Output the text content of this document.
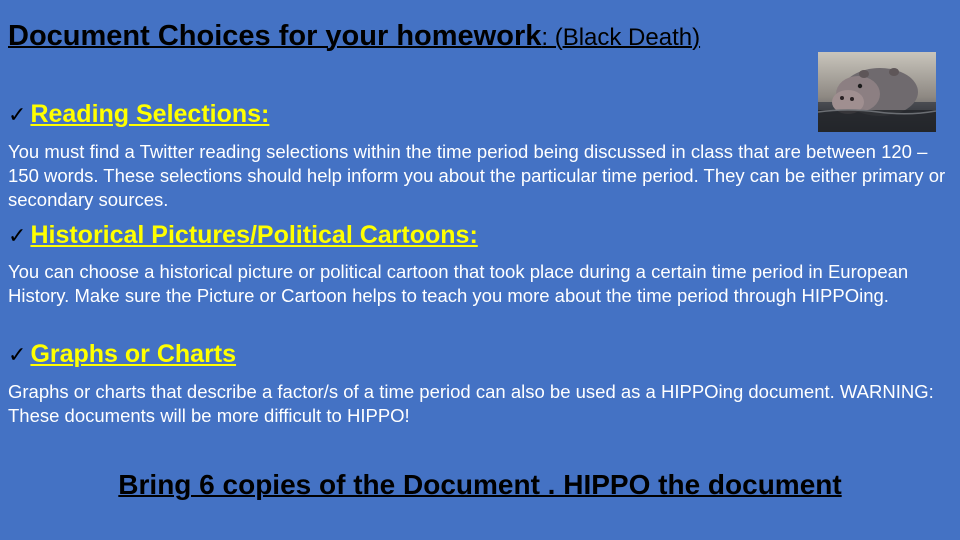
Document Choices for your homework: (Black Death)
✓ Reading Selections:
You must find a Twitter reading selections within the time period being discussed in class that are between 120 – 150 words. These selections should help inform you about the particular time period. They can be either primary or secondary sources.
✓ Historical Pictures/Political Cartoons:
You can choose a historical picture or political cartoon that took place during a certain time period in European History. Make sure the Picture or Cartoon helps to teach you more about the time period through HIPPOing.
✓ Graphs or Charts
Graphs or charts that describe a factor/s of a time period can also be used as a HIPPOing document. WARNING: These documents will be more difficult to HIPPO!
Bring 6 copies of the Document . HIPPO the document
